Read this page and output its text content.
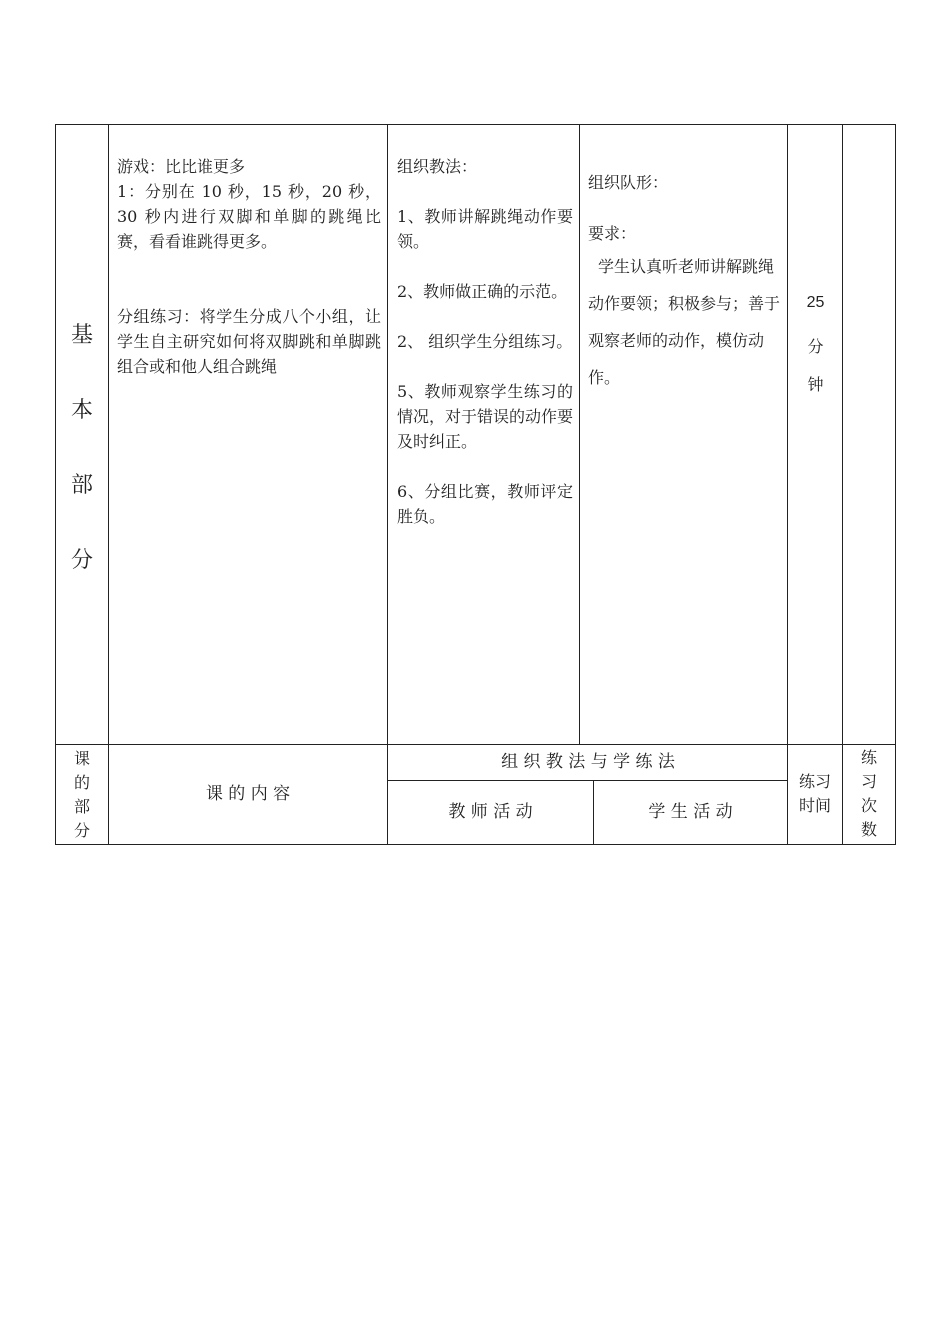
基
本
部
分

游戏：比比谁更多

1：分别在 10 秒，15 秒，20 秒，30 秒内进行双脚和单脚的跳绳比赛，看看谁跳得更多。

分组练习：将学生分成八个小组，让学生自主研究如何将双脚跳和单脚跳组合或和他人组合跳绳

组织教法：

1、教师讲解跳绳动作要领。

2、教师做正确的示范。

2、 组织学生分组练习。

5、教师观察学生练习的情况，对于错误的动作要及时纠正。

6、分组比赛，教师评定胜负。

组织队形：

要求：

学生认真听老师讲解跳绳动作要领；积极参与；善于观察老师的动作，模仿动作。

25
分
钟
课
的
部
分
课 的 内 容
组 织 教 法 与 学 练 法
教 师 活 动	学 生 活 动
练习
时间
练
习
次
数
